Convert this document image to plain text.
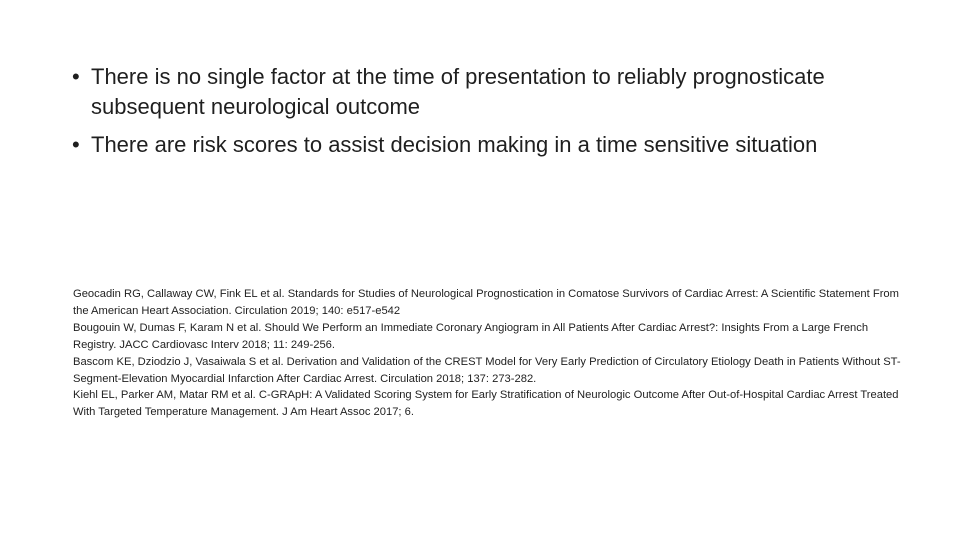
• There is no single factor at the time of presentation to reliably prognosticate subsequent neurological outcome
• There are risk scores to assist decision making in a time sensitive situation

Geocadin RG, Callaway CW, Fink EL et al. Standards for Studies of Neurological Prognostication in Comatose Survivors of Cardiac Arrest: A Scientific Statement From the American Heart Association. Circulation 2019; 140: e517-e542

Bougouin W, Dumas F, Karam N et al. Should We Perform an Immediate Coronary Angiogram in All Patients After Cardiac Arrest?: Insights From a Large French Registry. JACC Cardiovasc Interv 2018; 11: 249-256.

Bascom KE, Dziodzio J, Vasaiwala S et al. Derivation and Validation of the CREST Model for Very Early Prediction of Circulatory Etiology Death in Patients Without ST-Segment-Elevation Myocardial Infarction After Cardiac Arrest. Circulation 2018; 137: 273-282.

Kiehl EL, Parker AM, Matar RM et al. C-GRApH: A Validated Scoring System for Early Stratification of Neurologic Outcome After Out-of-Hospital Cardiac Arrest Treated With Targeted Temperature Management. J Am Heart Assoc 2017; 6.
